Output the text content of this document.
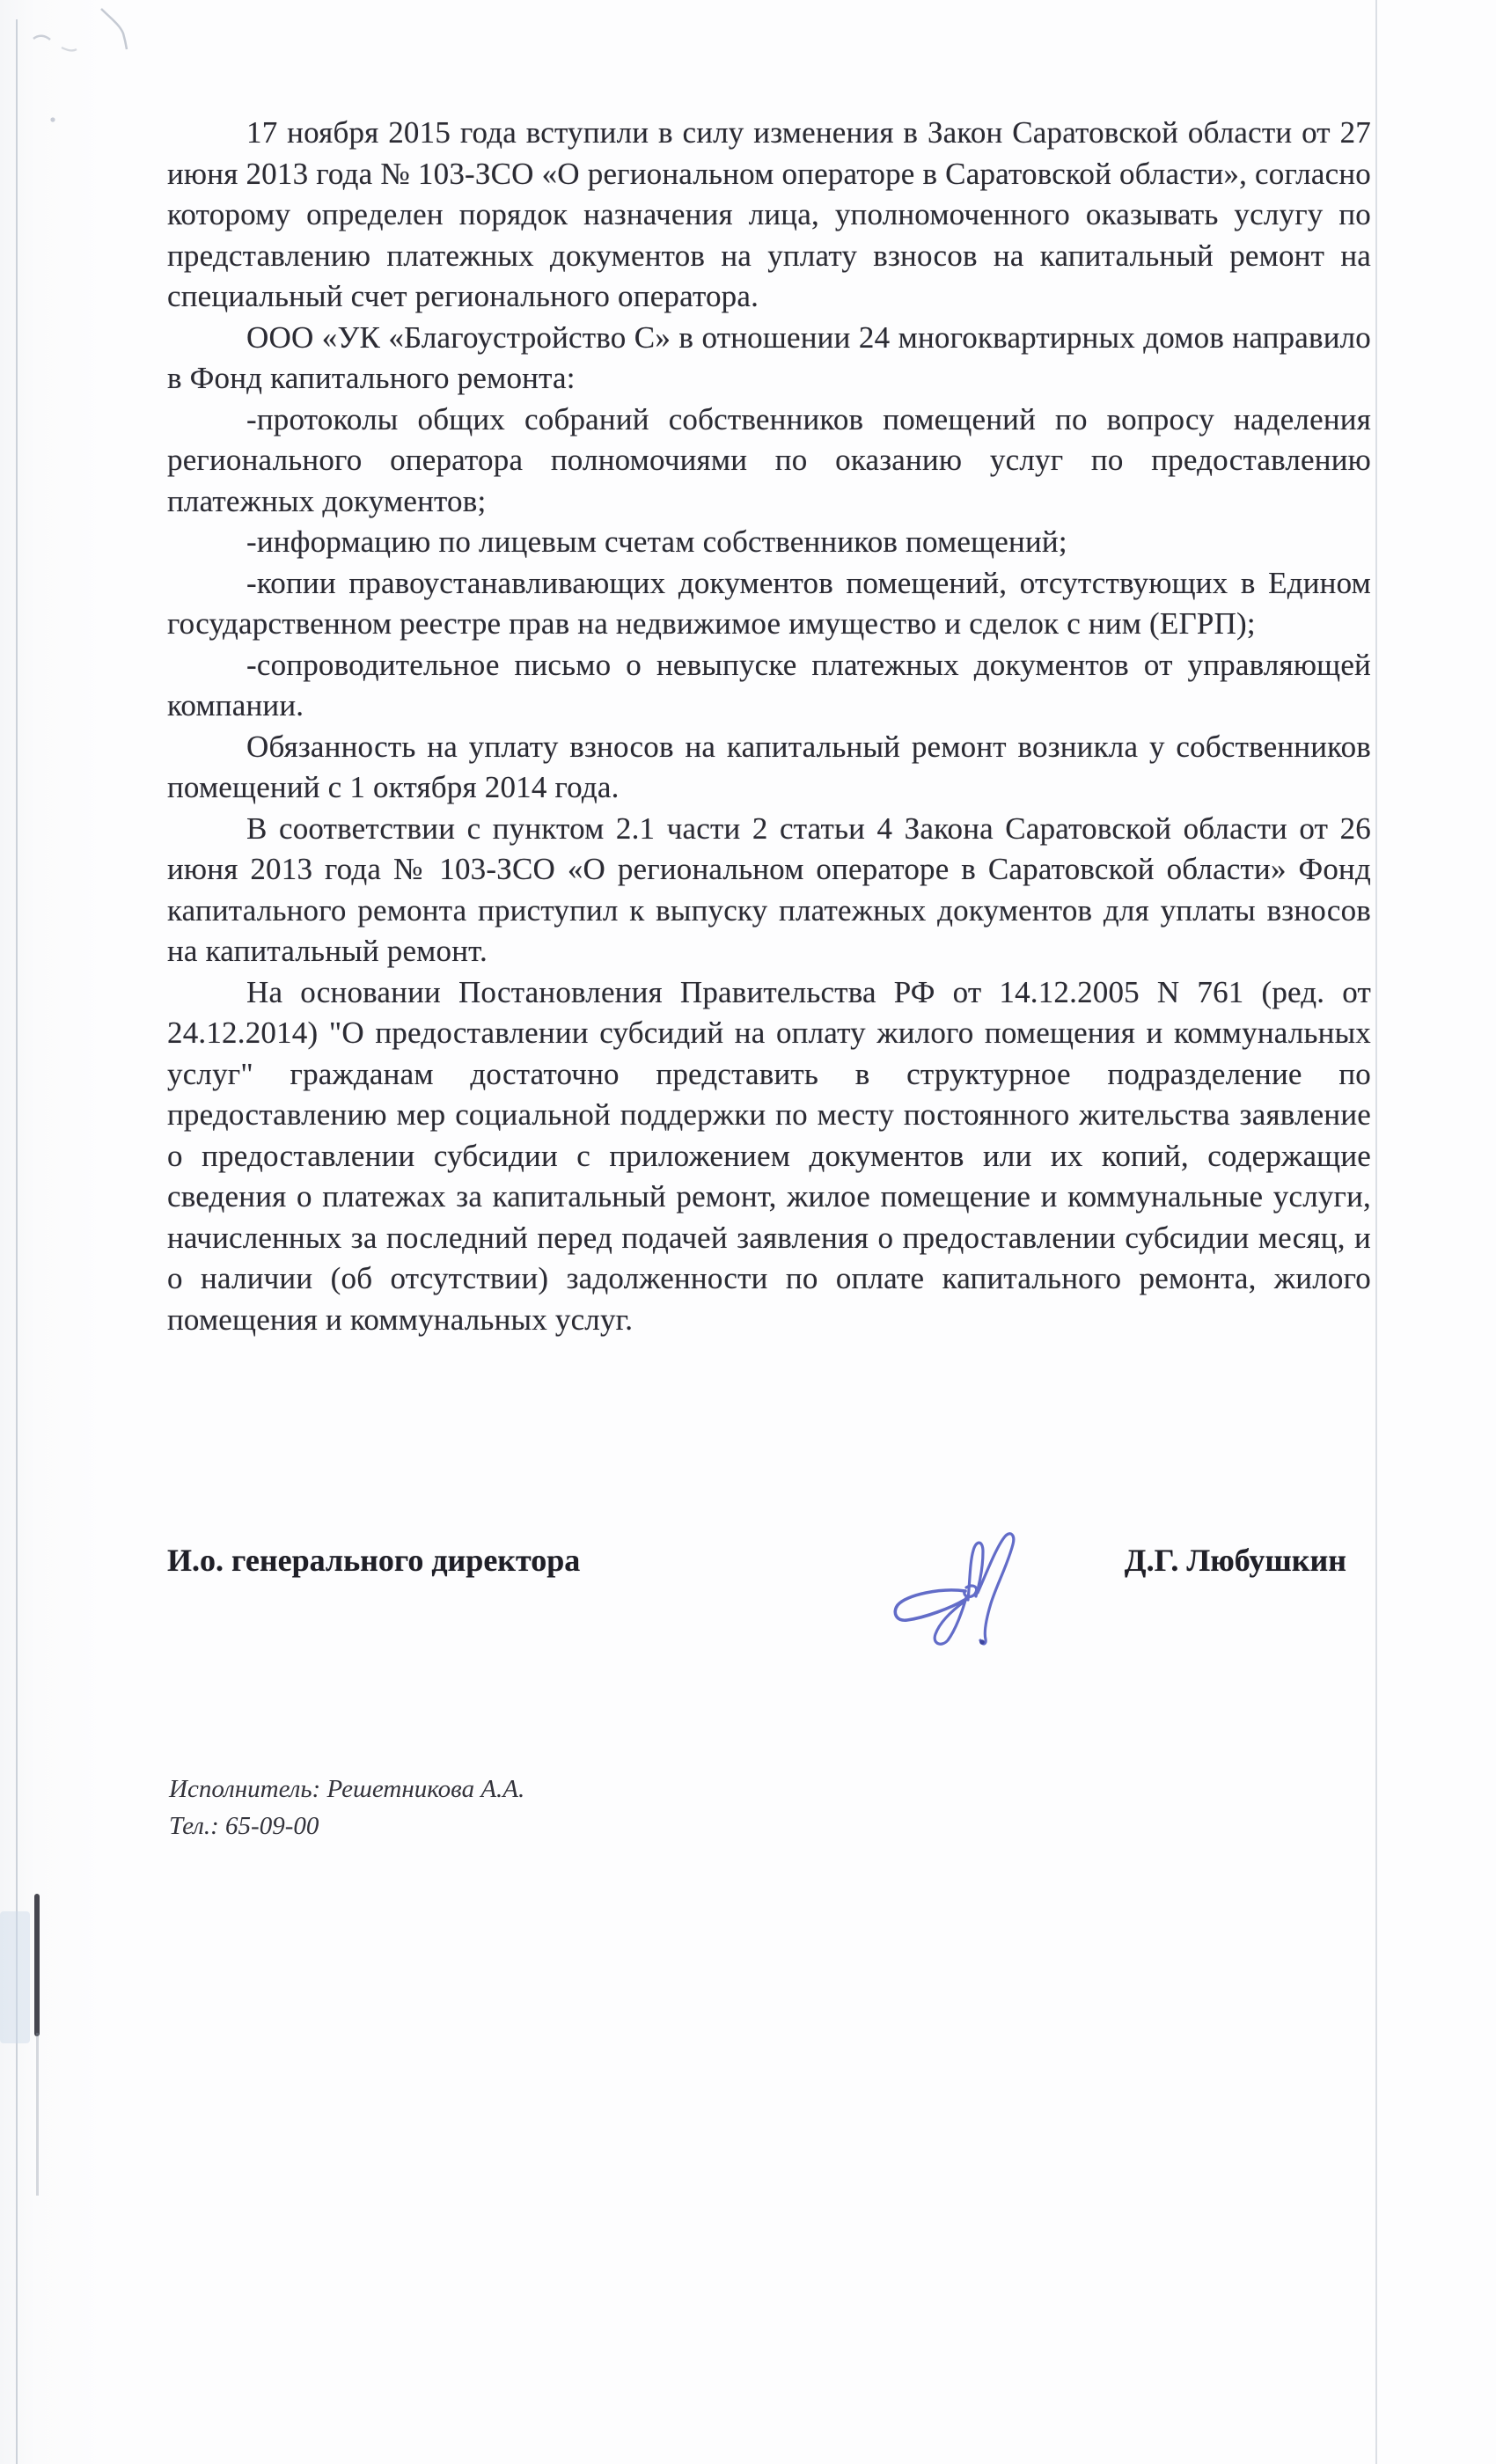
17 ноября 2015 года вступили в силу изменения в Закон Саратовской области от 27 июня 2013 года № 103-ЗСО «О региональном операторе в Саратовской области», согласно которому определен порядок назначения лица, уполномоченного оказывать услугу по представлению платежных документов на уплату взносов на капитальный ремонт на специальный счет регионального оператора.

ООО «УК «Благоустройство С» в отношении 24 многоквартирных домов направило в Фонд капитального ремонта:

-протоколы общих собраний собственников помещений по вопросу наделения регионального оператора полномочиями по оказанию услуг по предоставлению платежных документов;

-информацию по лицевым счетам собственников помещений;

-копии правоустанавливающих документов помещений, отсутствующих в Едином государственном реестре прав на недвижимое имущество и сделок с ним (ЕГРП);

-сопроводительное письмо о невыпуске платежных документов от управляющей компании.

Обязанность на уплату взносов на капитальный ремонт возникла у собственников помещений с 1 октября 2014 года.

В соответствии с пунктом 2.1 части 2 статьи 4 Закона Саратовской области от 26 июня 2013 года № 103-ЗСО «О региональном операторе в Саратовской области» Фонд капитального ремонта приступил к выпуску платежных документов для уплаты взносов на капитальный ремонт.

На основании Постановления Правительства РФ от 14.12.2005 N 761 (ред. от 24.12.2014) "О предоставлении субсидий на оплату жилого помещения и коммунальных услуг" гражданам достаточно представить в структурное подразделение по предоставлению мер социальной поддержки по месту постоянного жительства заявление о предоставлении субсидии с приложением документов или их копий, содержащие сведения о платежах за капитальный ремонт, жилое помещение и коммунальные услуги, начисленных за последний перед подачей заявления о предоставлении субсидии месяц, и о наличии (об отсутствии) задолженности по оплате капитального ремонта, жилого помещения и коммунальных услуг.

И.о. генерального директора	Д.Г. Любушкин
Исполнитель: Решетникова А.А.
Тел.: 65-09-00
